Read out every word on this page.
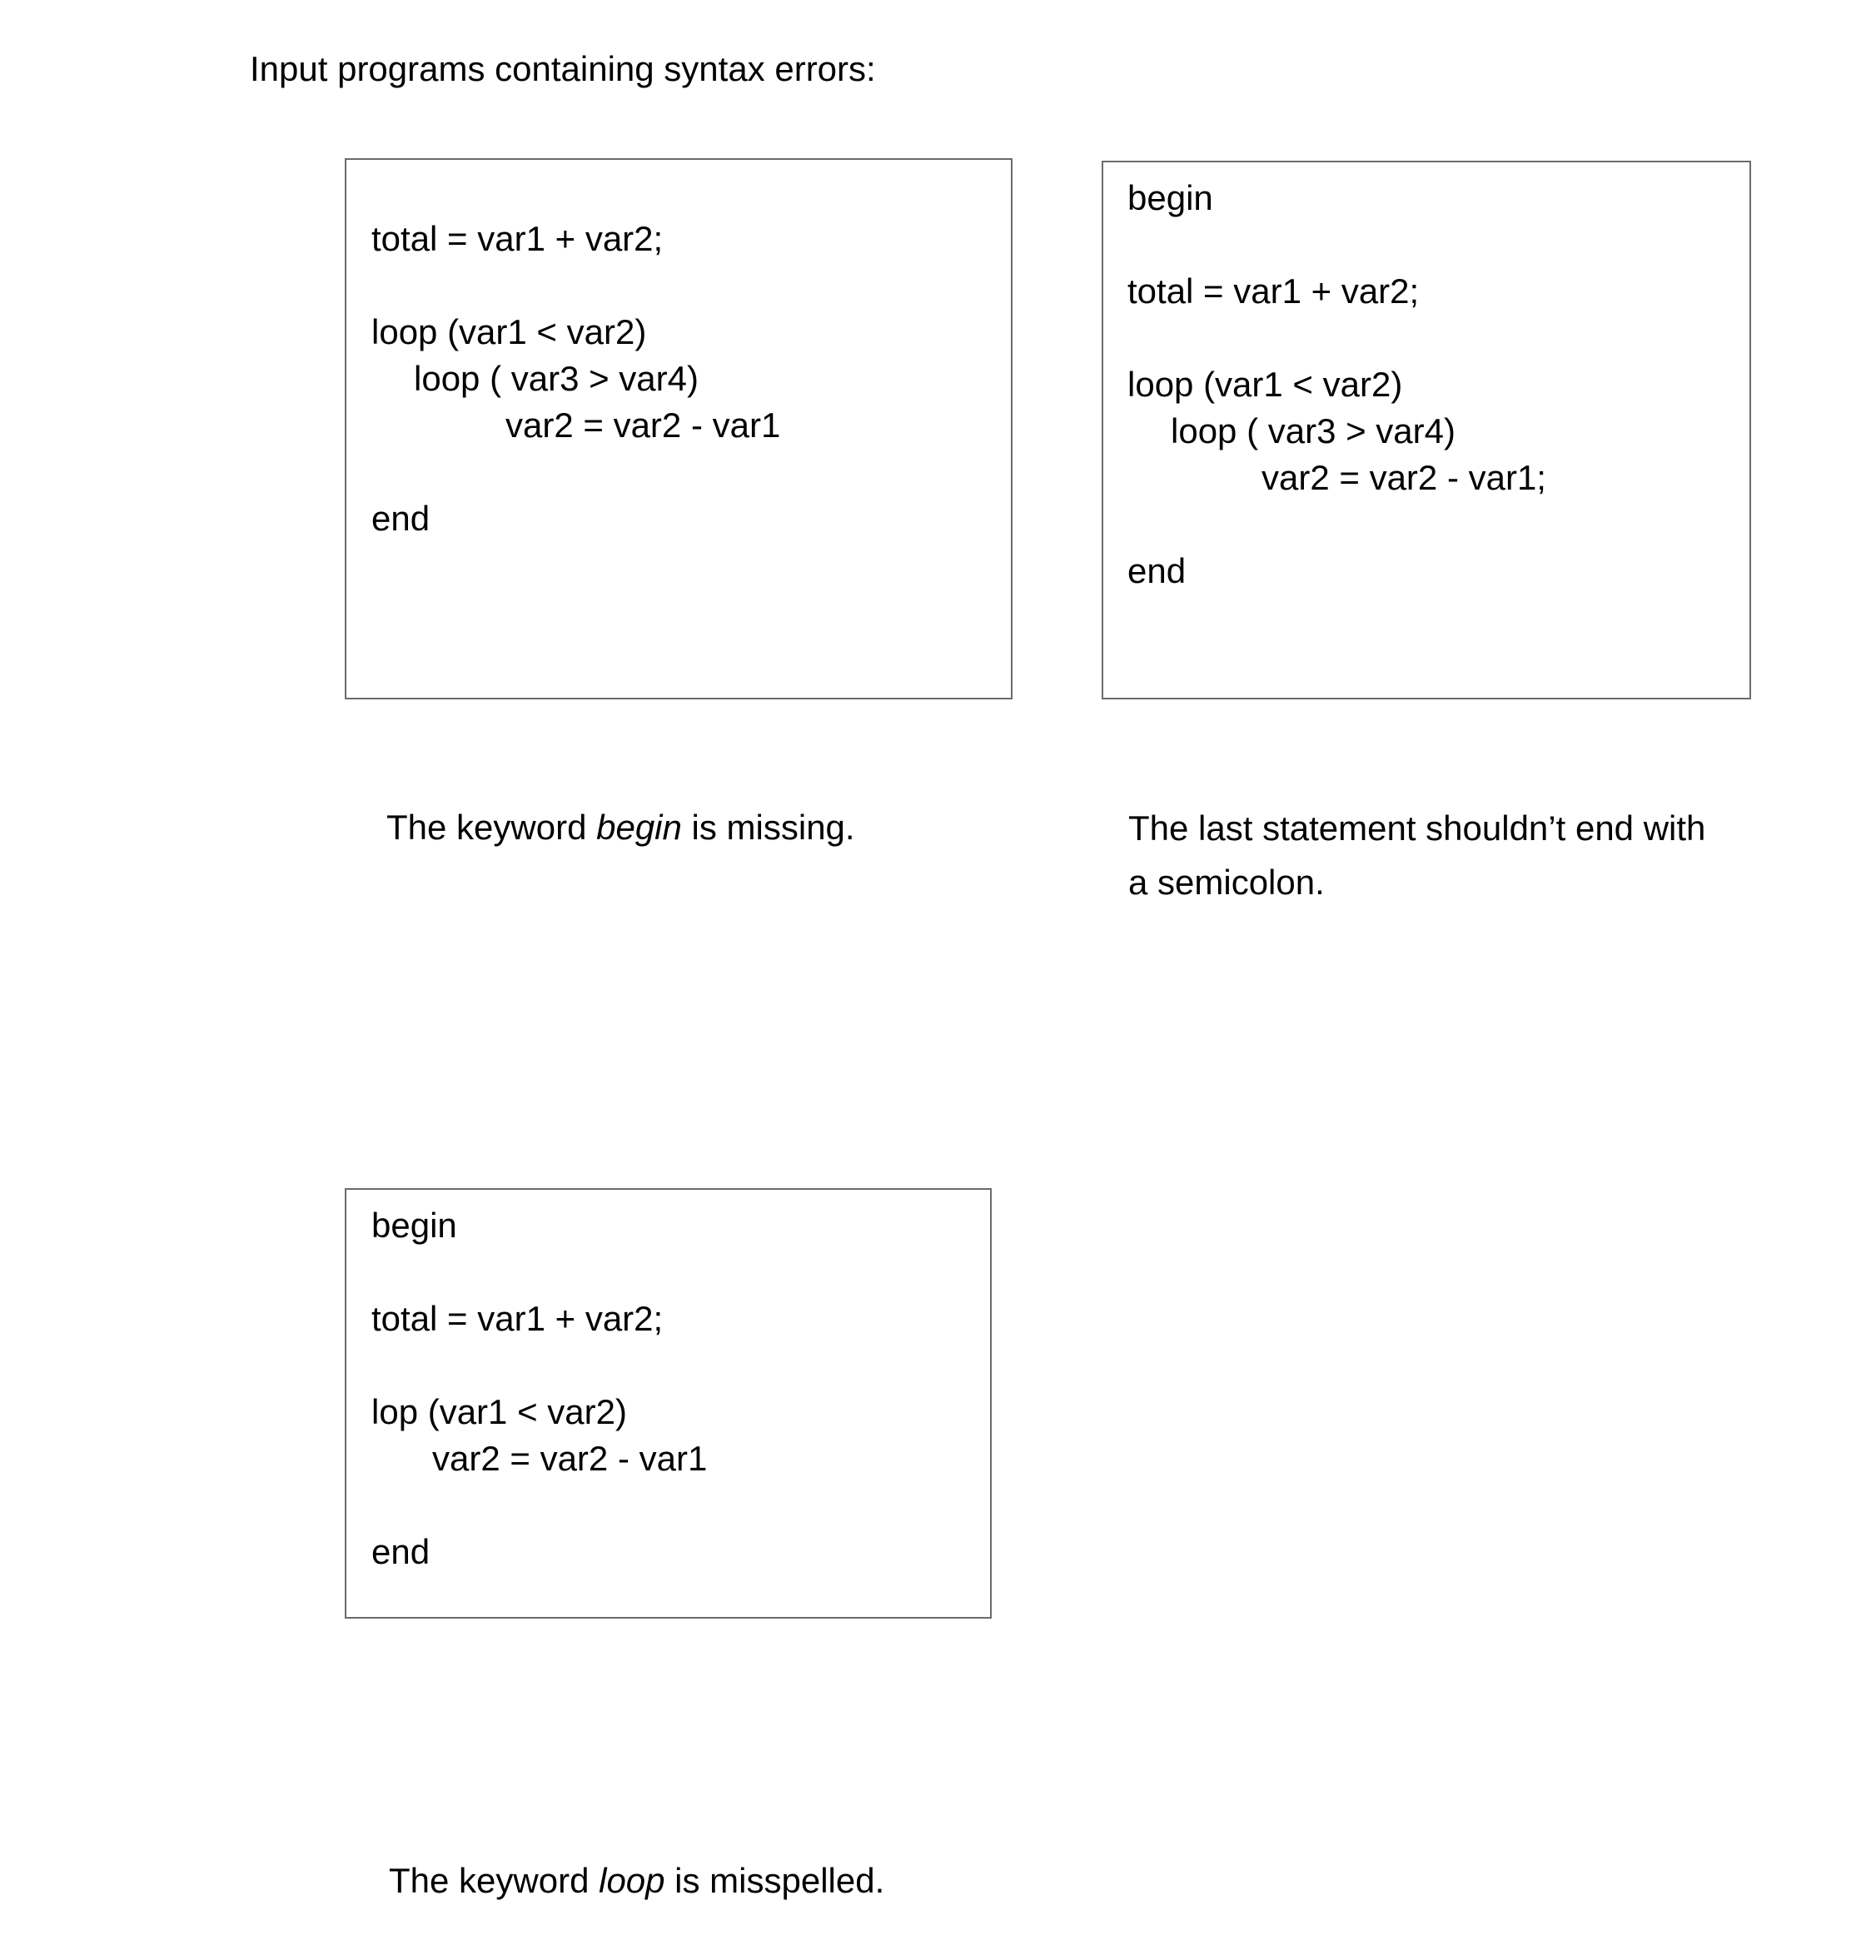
Input programs containing syntax errors:
total = var1 + var2;
loop (var1 < var2)
loop ( var3 > var4)
var2 = var2 - var1
end
The keyword begin is missing.
begin
total = var1 + var2;
loop (var1 < var2)
loop ( var3 > var4)
var2 = var2 - var1;
end
The last statement shouldn’t end with
a semicolon.
begin
total = var1 + var2;
lop (var1 < var2)
var2 = var2 - var1
end
The keyword loop is misspelled.
